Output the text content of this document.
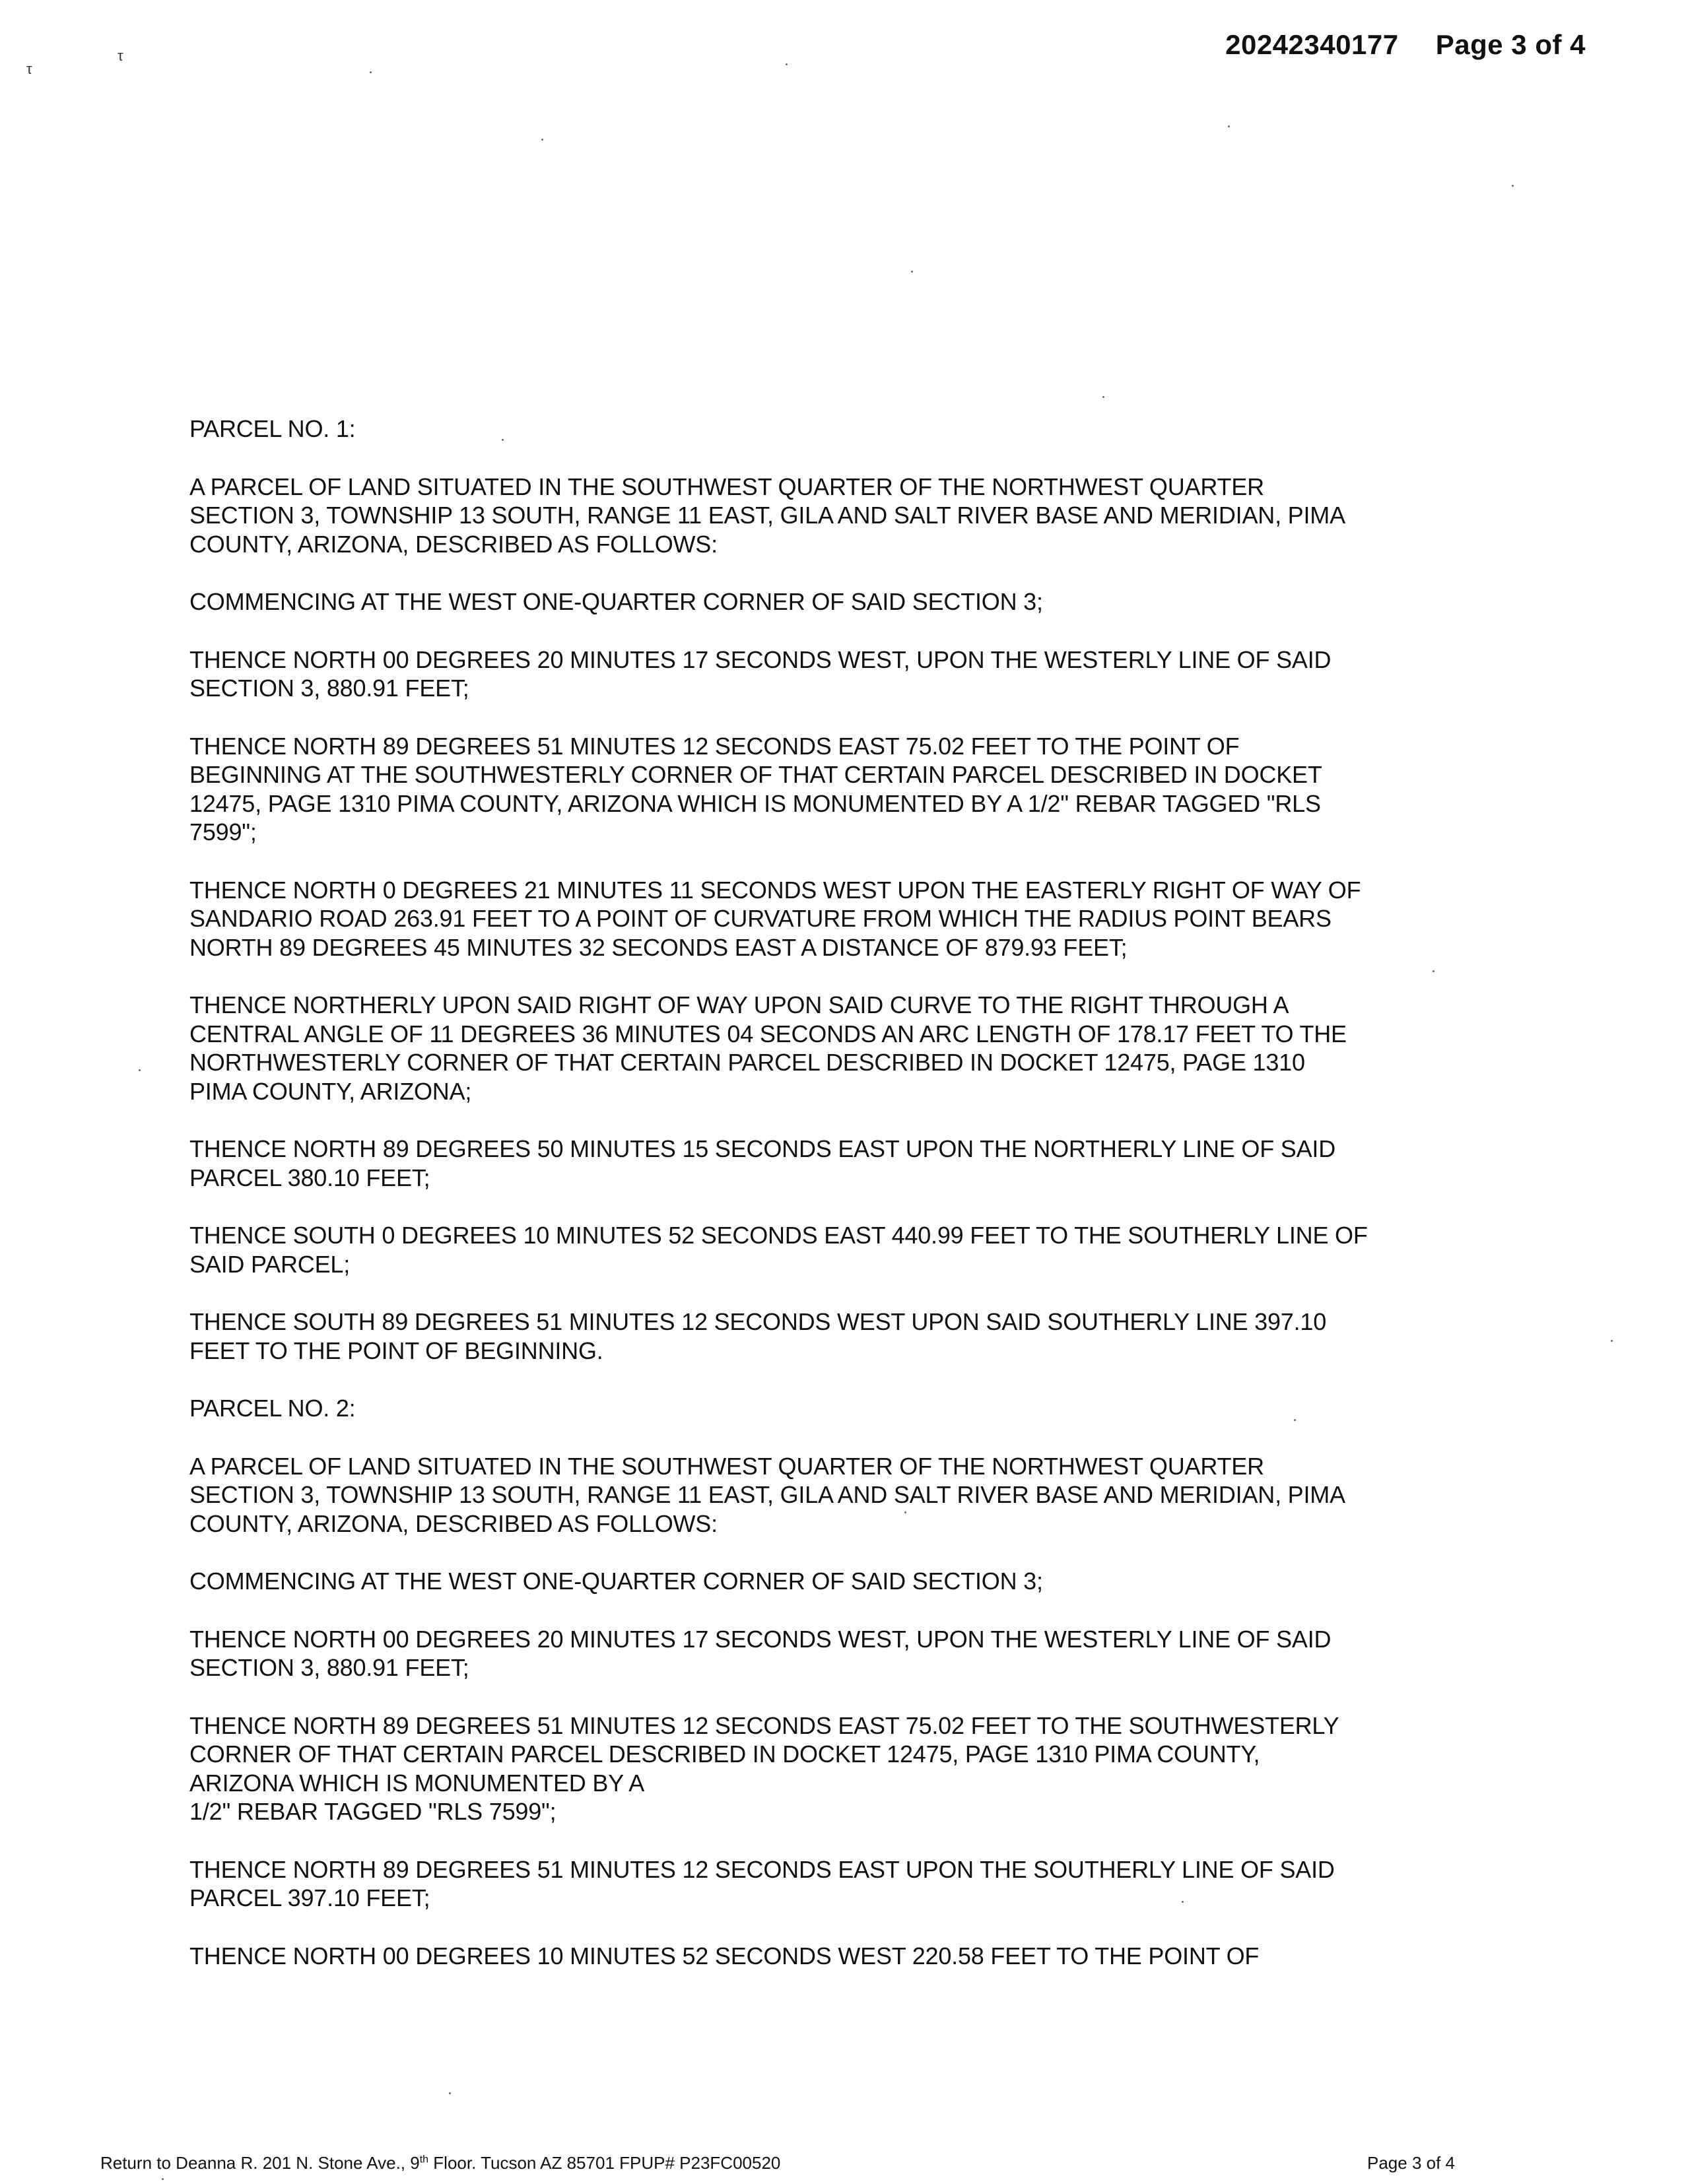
20242340177 Page 3 of 4
τ
τ
PARCEL NO. 1:
A PARCEL OF LAND SITUATED IN THE SOUTHWEST QUARTER OF THE NORTHWEST QUARTER
SECTION 3, TOWNSHIP 13 SOUTH, RANGE 11 EAST, GILA AND SALT RIVER BASE AND MERIDIAN, PIMA
COUNTY, ARIZONA, DESCRIBED AS FOLLOWS:
COMMENCING AT THE WEST ONE-QUARTER CORNER OF SAID SECTION 3;
THENCE NORTH 00 DEGREES 20 MINUTES 17 SECONDS WEST, UPON THE WESTERLY LINE OF SAID
SECTION 3, 880.91 FEET;
THENCE NORTH 89 DEGREES 51 MINUTES 12 SECONDS EAST 75.02 FEET TO THE POINT OF
BEGINNING AT THE SOUTHWESTERLY CORNER OF THAT CERTAIN PARCEL DESCRIBED IN DOCKET
12475, PAGE 1310 PIMA COUNTY, ARIZONA WHICH IS MONUMENTED BY A 1/2" REBAR TAGGED "RLS
7599";
THENCE NORTH 0 DEGREES 21 MINUTES 11 SECONDS WEST UPON THE EASTERLY RIGHT OF WAY OF
SANDARIO ROAD 263.91 FEET TO A POINT OF CURVATURE FROM WHICH THE RADIUS POINT BEARS
NORTH 89 DEGREES 45 MINUTES 32 SECONDS EAST A DISTANCE OF 879.93 FEET;
THENCE NORTHERLY UPON SAID RIGHT OF WAY UPON SAID CURVE TO THE RIGHT THROUGH A
CENTRAL ANGLE OF 11 DEGREES 36 MINUTES 04 SECONDS AN ARC LENGTH OF 178.17 FEET TO THE
NORTHWESTERLY CORNER OF THAT CERTAIN PARCEL DESCRIBED IN DOCKET 12475, PAGE 1310
PIMA COUNTY, ARIZONA;
THENCE NORTH 89 DEGREES 50 MINUTES 15 SECONDS EAST UPON THE NORTHERLY LINE OF SAID
PARCEL 380.10 FEET;
THENCE SOUTH 0 DEGREES 10 MINUTES 52 SECONDS EAST 440.99 FEET TO THE SOUTHERLY LINE OF
SAID PARCEL;
THENCE SOUTH 89 DEGREES 51 MINUTES 12 SECONDS WEST UPON SAID SOUTHERLY LINE 397.10
FEET TO THE POINT OF BEGINNING.
PARCEL NO. 2:
A PARCEL OF LAND SITUATED IN THE SOUTHWEST QUARTER OF THE NORTHWEST QUARTER
SECTION 3, TOWNSHIP 13 SOUTH, RANGE 11 EAST, GILA AND SALT RIVER BASE AND MERIDIAN, PIMA
COUNTY, ARIZONA, DESCRIBED AS FOLLOWS:
COMMENCING AT THE WEST ONE-QUARTER CORNER OF SAID SECTION 3;
THENCE NORTH 00 DEGREES 20 MINUTES 17 SECONDS WEST, UPON THE WESTERLY LINE OF SAID
SECTION 3, 880.91 FEET;
THENCE NORTH 89 DEGREES 51 MINUTES 12 SECONDS EAST 75.02 FEET TO THE SOUTHWESTERLY
CORNER OF THAT CERTAIN PARCEL DESCRIBED IN DOCKET 12475, PAGE 1310 PIMA COUNTY,
ARIZONA WHICH IS MONUMENTED BY A
1/2" REBAR TAGGED "RLS 7599";
THENCE NORTH 89 DEGREES 51 MINUTES 12 SECONDS EAST UPON THE SOUTHERLY LINE OF SAID
PARCEL 397.10 FEET;
THENCE NORTH 00 DEGREES 10 MINUTES 52 SECONDS WEST 220.58 FEET TO THE POINT OF
Return to Deanna R. 201 N. Stone Ave., 9th Floor. Tucson AZ 85701 FPUP# P23FC00520	Page 3 of 4
